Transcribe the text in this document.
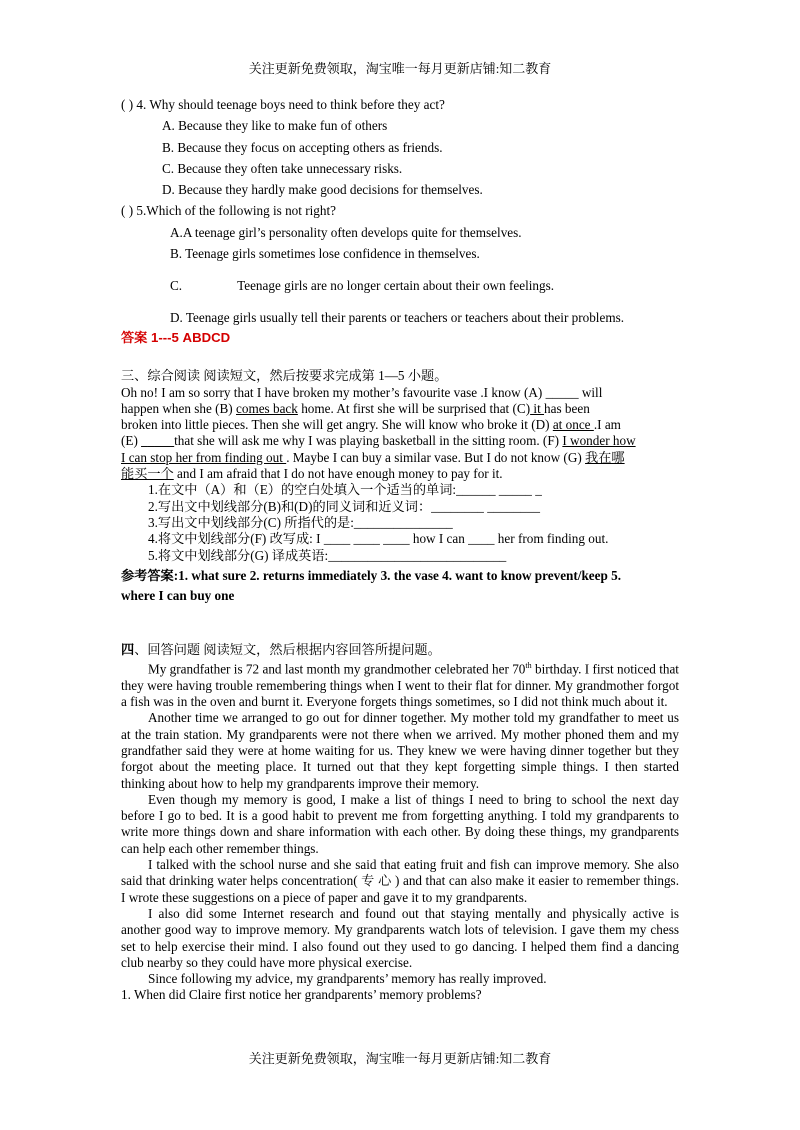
关注更新免费领取，淘宝唯一每月更新店铺:知二教育
( ) 4. Why should teenage boys need to think before they act?
A. Because they like to make fun of others
B. Because they focus on accepting others as friends.
C. Because they often take unnecessary risks.
D. Because they hardly make good decisions for themselves.
( ) 5.Which of the following is not right?
A.A teenage girl’s personality often develops quite for themselves.
B. Teenage girls sometimes lose confidence in themselves.
C.	Teenage girls are no longer certain about their own feelings.
D. Teenage girls usually tell their parents or teachers or teachers about their problems.
答案 1---5 ABDCD
三、综合阅读 阅读短文，然后按要求完成第 1—5 小题。
Oh no! I am so sorry that I have broken my mother’s favourite vase .I know (A) _____ will
happen when she (B) comes back home. At first she will be surprised that (C) it has been
broken into little pieces. Then she will get angry. She will know who broke it (D) at once .I am
(E) _____that she will ask me why I was playing basketball in the sitting room. (F) I wonder how
I can stop her from finding out . Maybe I can buy a similar vase. But I do not know (G) 我在哪
能买一个 and I am afraid that I do not have enough money to pay for it.
1.在文中（A）和（E）的空白处填入一个适当的单词:______ _____ _
2.写出文中划线部分(B)和(D)的同义词和近义词：________ ________
3.写出文中划线部分(C) 所指代的是:_______________
4.将文中划线部分(F) 改写成: I ____ ____ ____ how I can ____ her from finding out.
5.将文中划线部分(G) 译成英语:___________________________
参考答案:1. what sure 2. returns immediately 3. the vase 4. want to know prevent/keep 5.
where I can buy one
四、回答问题 阅读短文，然后根据内容回答所提问题。
My grandfather is 72 and last month my grandmother celebrated her 70th birthday. I first noticed that they were having trouble remembering things when I went to their flat for dinner. My grandmother forgot a fish was in the oven and burnt it. Everyone forgets things sometimes, so I did not think much about it.
Another time we arranged to go out for dinner together. My mother told my grandfather to meet us at the train station. My grandparents were not there when we arrived. My mother phoned them and my grandfather said they were at home waiting for us. They knew we were having dinner together but they forgot about the meeting place. It turned out that they kept forgetting simple things. I then started thinking about how to help my grandparents improve their memory.
Even though my memory is good, I make a list of things I need to bring to school the next day before I go to bed. It is a good habit to prevent me from forgetting anything. I told my grandparents to write more things down and share information with each other. By doing these things, my grandparents can help each other remember things.
I talked with the school nurse and she said that eating fruit and fish can improve memory. She also said that drinking water helps concentration( 专 心 ) and that can also make it easier to remember things. I wrote these suggestions on a piece of paper and gave it to my grandparents.
I also did some Internet research and found out that staying mentally and physically active is another good way to improve memory. My grandparents watch lots of television. I gave them my chess set to help exercise their mind. I also found out they used to go dancing. I helped them find a dancing club nearby so they could have more physical exercise.
Since following my advice, my grandparents’ memory has really improved.
1. When did Claire first notice her grandparents’ memory problems?
关注更新免费领取，淘宝唯一每月更新店铺:知二教育
